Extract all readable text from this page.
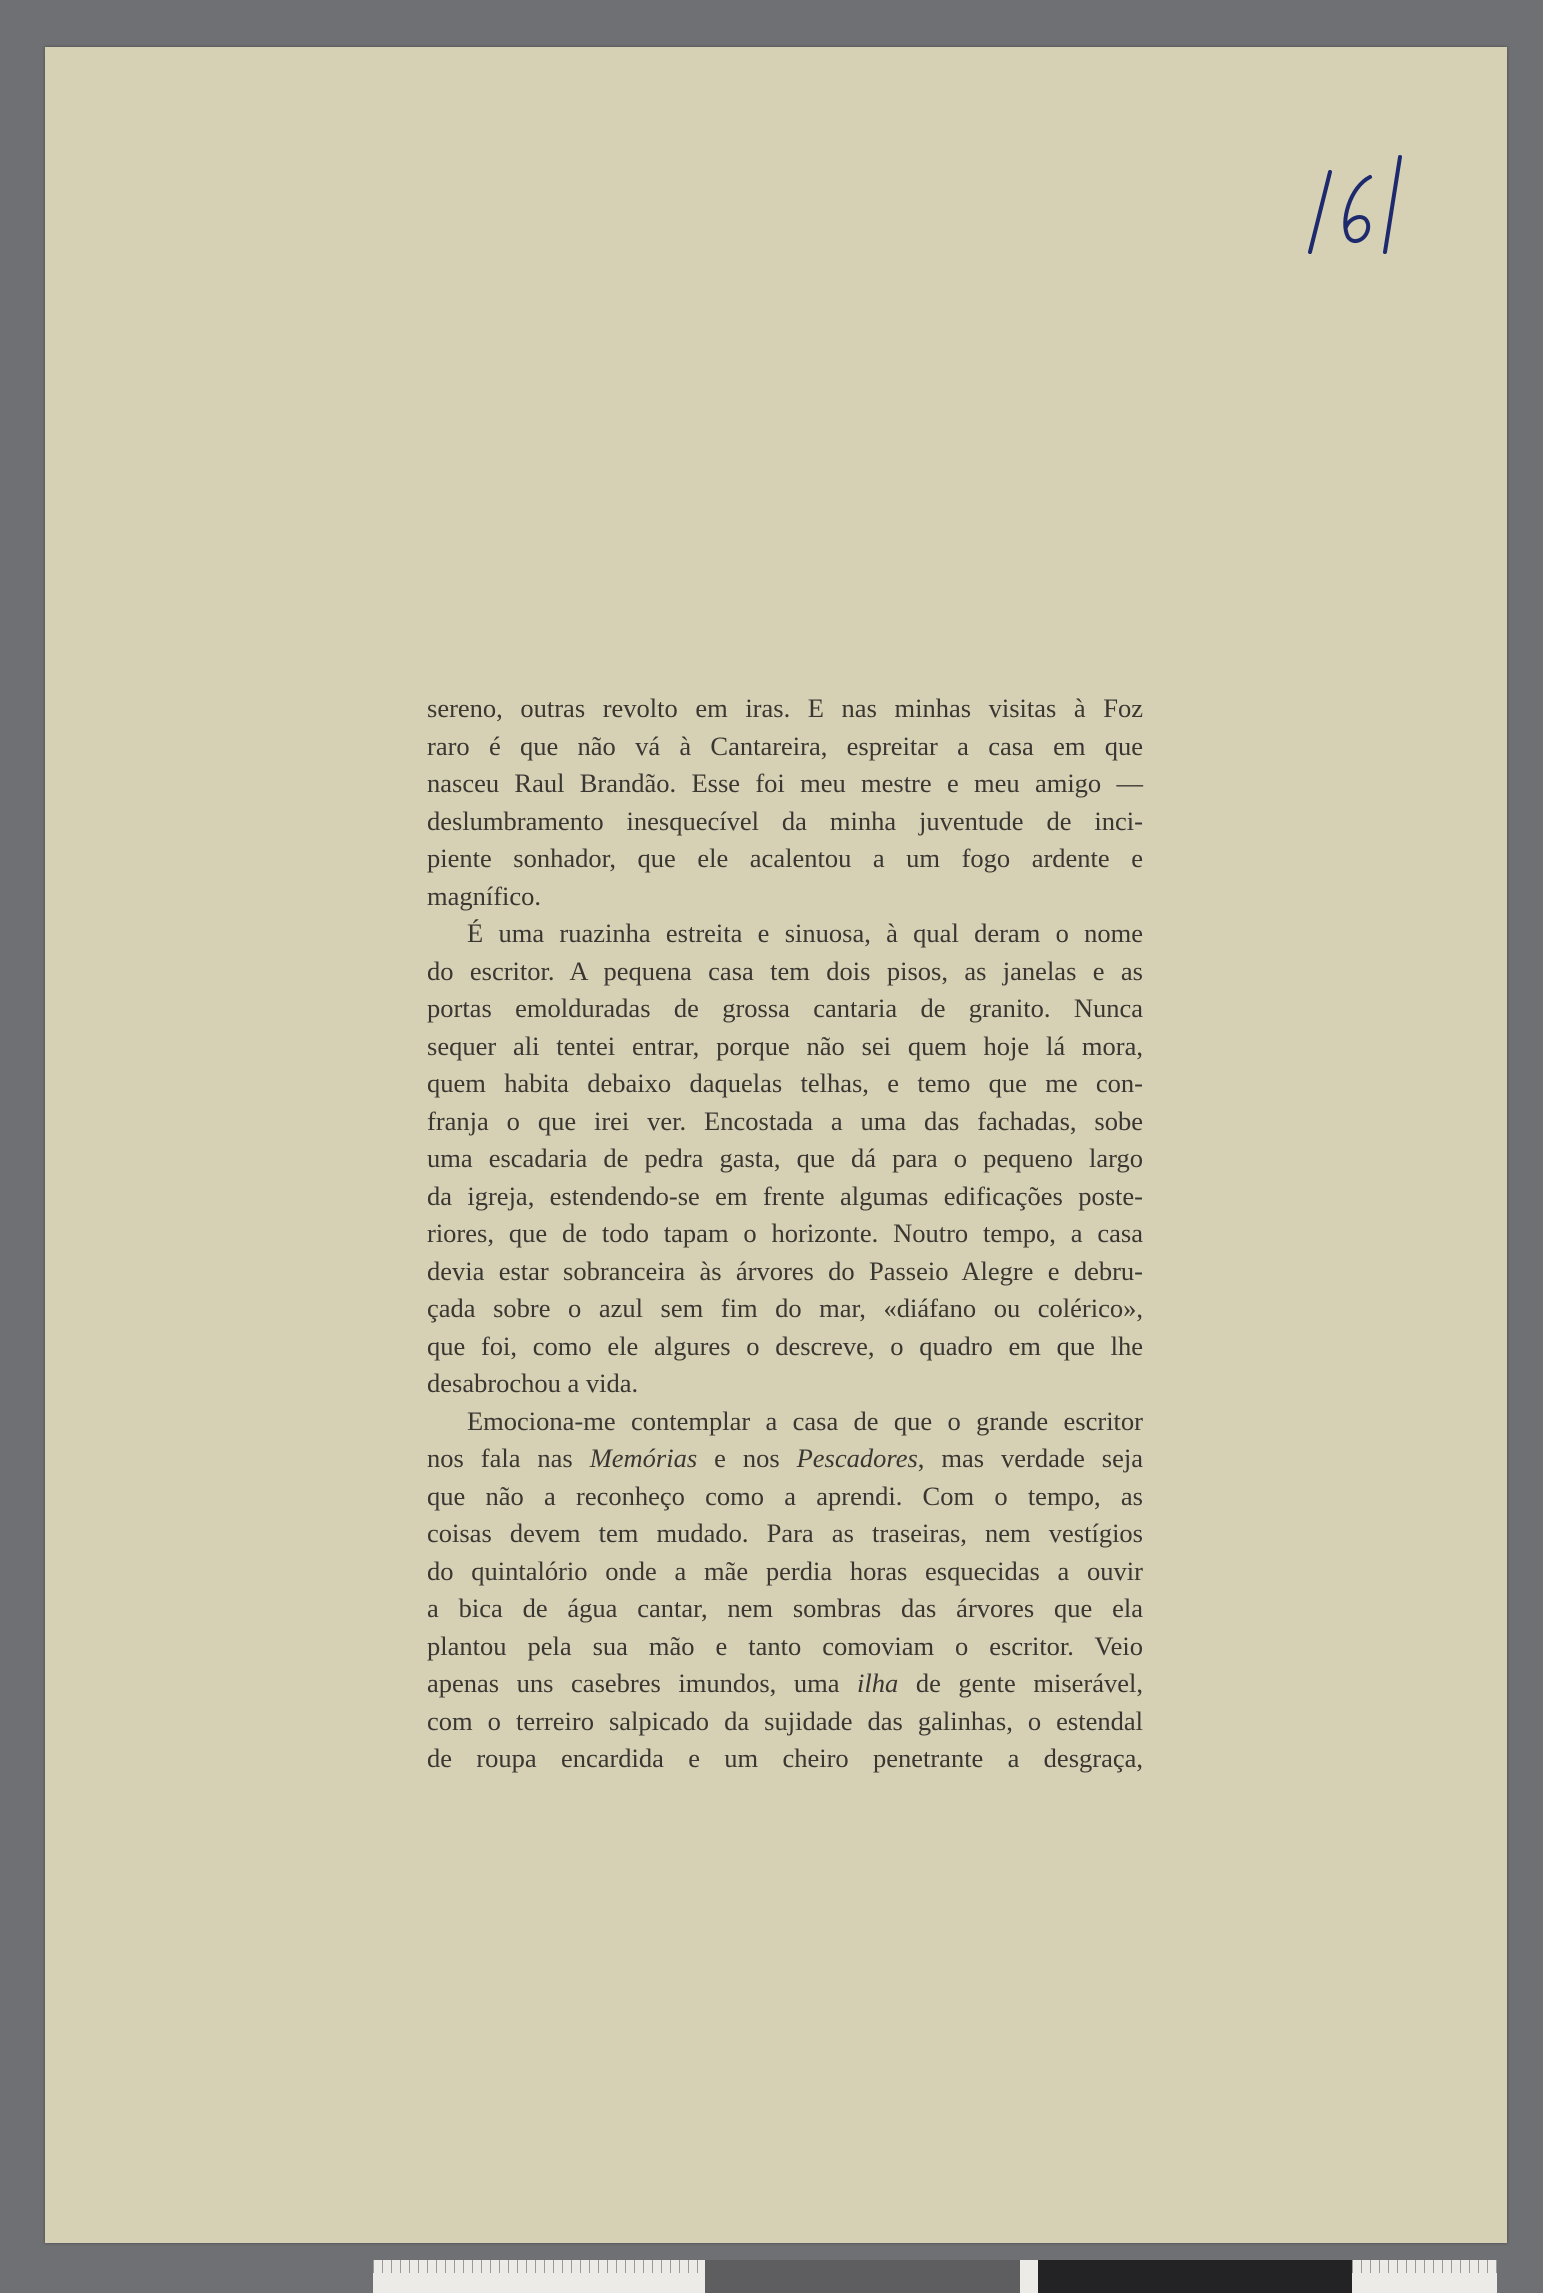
sereno, outras revolto em iras. E nas minhas visitas à Foz
raro é que não vá à Cantareira, espreitar a casa em que
nasceu Raul Brandão. Esse foi meu mestre e meu amigo —
deslumbramento inesquecível da minha juventude de inci-
piente sonhador, que ele acalentou a um fogo ardente e
magnífico.
É uma ruazinha estreita e sinuosa, à qual deram o nome
do escritor. A pequena casa tem dois pisos, as janelas e as
portas emolduradas de grossa cantaria de granito. Nunca
sequer ali tentei entrar, porque não sei quem hoje lá mora,
quem habita debaixo daquelas telhas, e temo que me con-
franja o que irei ver. Encostada a uma das fachadas, sobe
uma escadaria de pedra gasta, que dá para o pequeno largo
da igreja, estendendo-se em frente algumas edificações poste-
riores, que de todo tapam o horizonte. Noutro tempo, a casa
devia estar sobranceira às árvores do Passeio Alegre e debru-
çada sobre o azul sem fim do mar, «diáfano ou colérico»,
que foi, como ele algures o descreve, o quadro em que lhe
desabrochou a vida.
Emociona-me contemplar a casa de que o grande escritor
nos fala nas Memórias e nos Pescadores, mas verdade seja
que não a reconheço como a aprendi. Com o tempo, as
coisas devem tem mudado. Para as traseiras, nem vestígios
do quintalório onde a mãe perdia horas esquecidas a ouvir
a bica de água cantar, nem sombras das árvores que ela
plantou pela sua mão e tanto comoviam o escritor. Veio
apenas uns casebres imundos, uma ilha de gente miserável,
com o terreiro salpicado da sujidade das galinhas, o estendal
de roupa encardida e um cheiro penetrante a desgraça,
